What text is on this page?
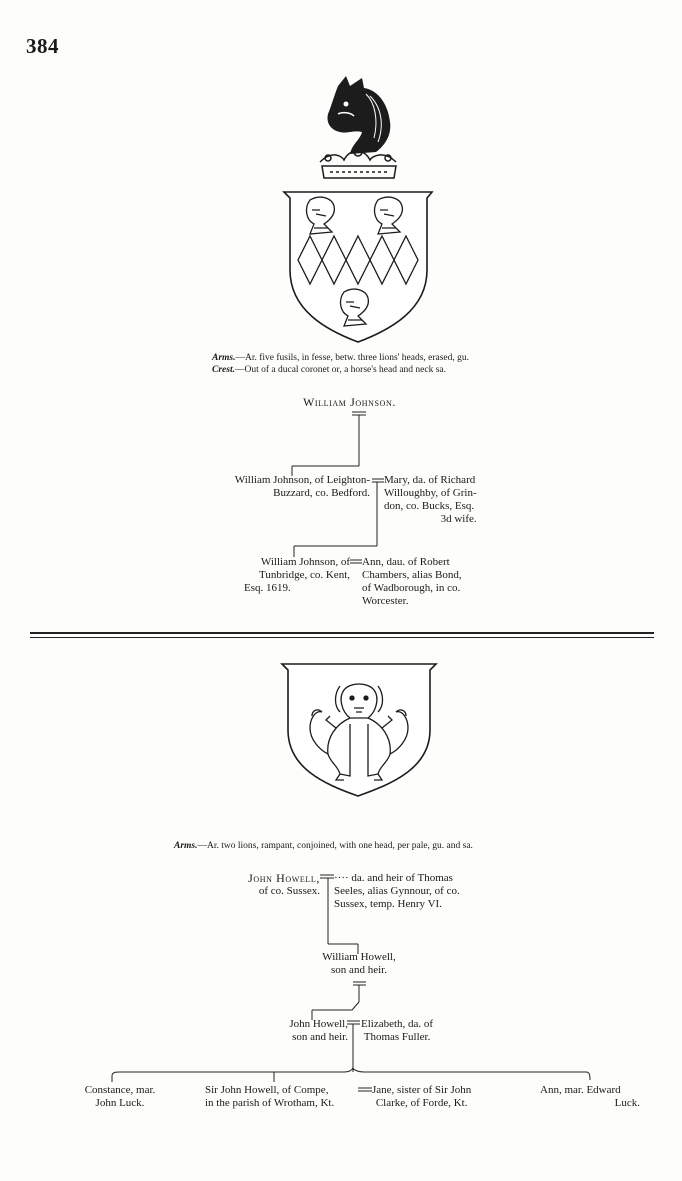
384
Arms.—Ar. five fusils, in fesse, betw. three lions' heads, erased, gu.
Crest.—Out of a ducal coronet or, a horse's head and neck sa.
William Johnson.
William Johnson, of Leighton-
Buzzard, co. Bedford.
Mary, da. of Richard
Willoughby, of Grin-
don, co. Bucks, Esq.
3d wife.
William Johnson, of
Tunbridge, co. Kent,
Esq. 1619.
Ann, dau. of Robert
Chambers, alias Bond,
of Wadborough, in co.
Worcester.
Arms.—Ar. two lions, rampant, conjoined, with one head, per pale, gu. and sa.
John Howell,
of co. Sussex.
···· da. and heir of Thomas
Seeles, alias Gynnour, of co.
Sussex, temp. Henry VI.
William Howell,
son and heir.
John Howell,
son and heir.
Elizabeth, da. of
Thomas Fuller.
Constance, mar.
John Luck.
Sir John Howell, of Compe,
in the parish of Wrotham, Kt.
Jane, sister of Sir John
Clarke, of Forde, Kt.
Ann, mar. Edward
Luck.
